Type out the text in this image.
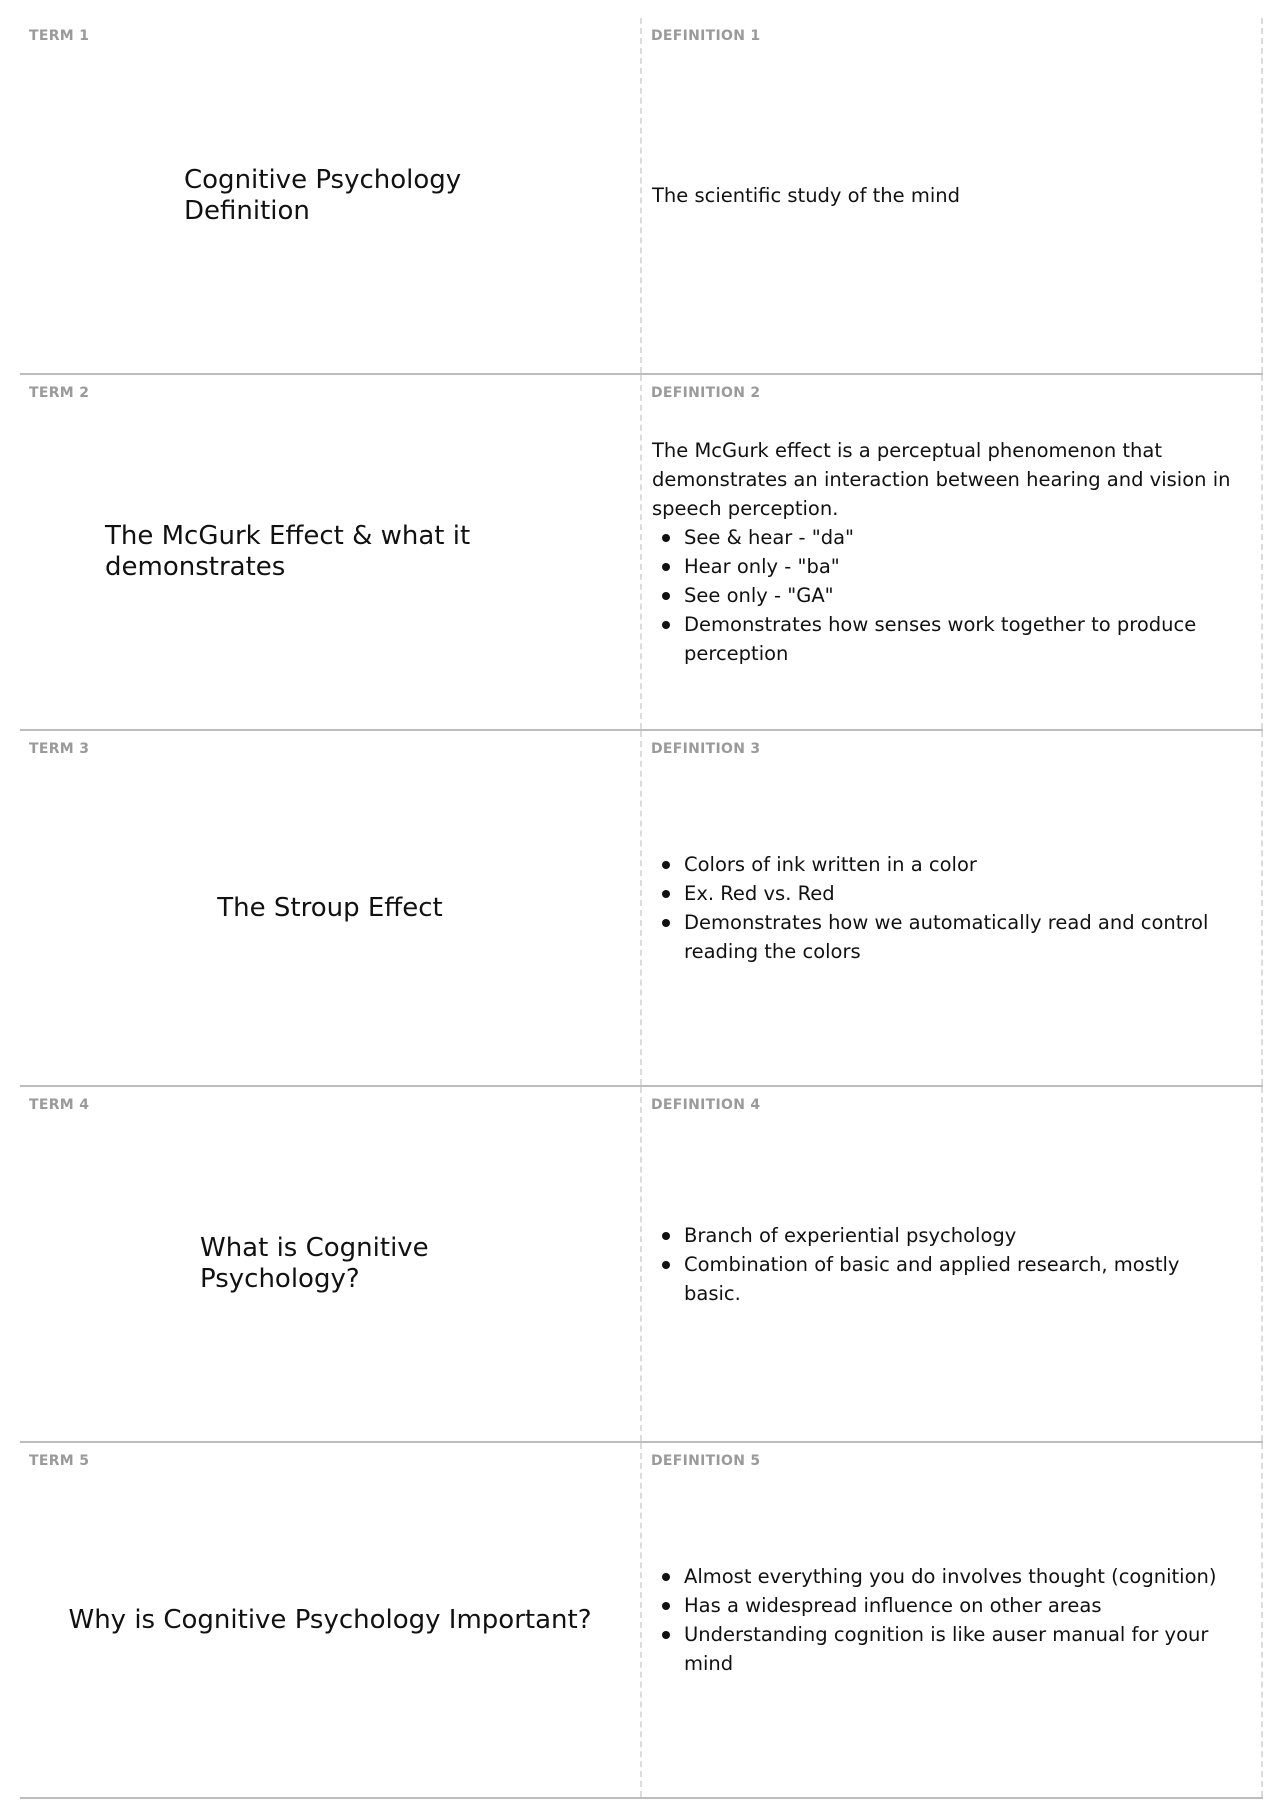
TERM 1
Cognitive Psychology Definition
DEFINITION 1

The scientific study of the mind

TERM 2
The McGurk Effect & what it demonstrates
DEFINITION 2

The McGurk effect is a perceptual phenomenon that demonstrates an interaction between hearing and vision in speech perception.

See & hear - "da"
Hear only - "ba"
See only - "GA"
Demonstrates how senses work together to produce perception
TERM 3
The Stroup Effect
DEFINITION 3
Colors of ink written in a color
Ex. Red vs. Red
Demonstrates how we automatically read and control reading the colors
TERM 4
What is Cognitive Psychology?
DEFINITION 4
Branch of experiential psychology
Combination of basic and applied research, mostly basic.
TERM 5
Why is Cognitive Psychology Important?
DEFINITION 5
Almost everything you do involves thought (cognition)
Has a widespread influence on other areas
Understanding cognition is like auser manual for your mind
